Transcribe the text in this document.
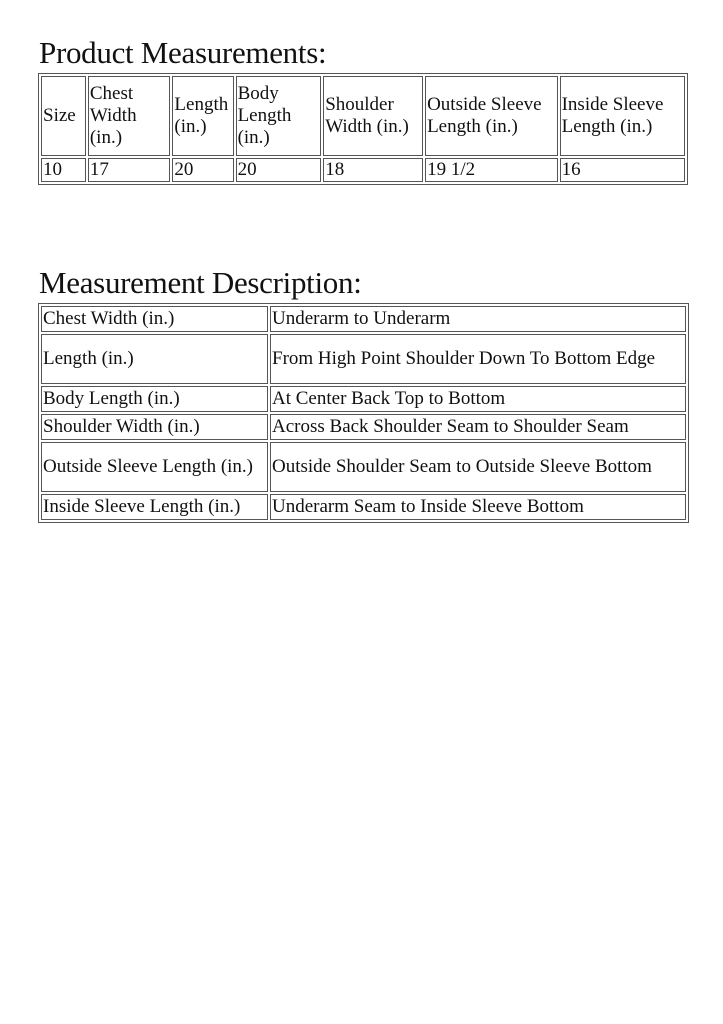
Product Measurements:
Size	Chest Width (in.)	Length (in.)	Body Length (in.)	Shoulder Width (in.)	Outside Sleeve Length (in.)	Inside Sleeve Length (in.)
10	17	20	20	18	19 1/2	16
Measurement Description:
Chest Width (in.)	Underarm to Underarm
Length (in.)	From High Point Shoulder Down To Bottom Edge
Body Length (in.)	At Center Back Top to Bottom
Shoulder Width (in.)	Across Back Shoulder Seam to Shoulder Seam
Outside Sleeve Length (in.)	Outside Shoulder Seam to Outside Sleeve Bottom
Inside Sleeve Length (in.)	Underarm Seam to Inside Sleeve Bottom
